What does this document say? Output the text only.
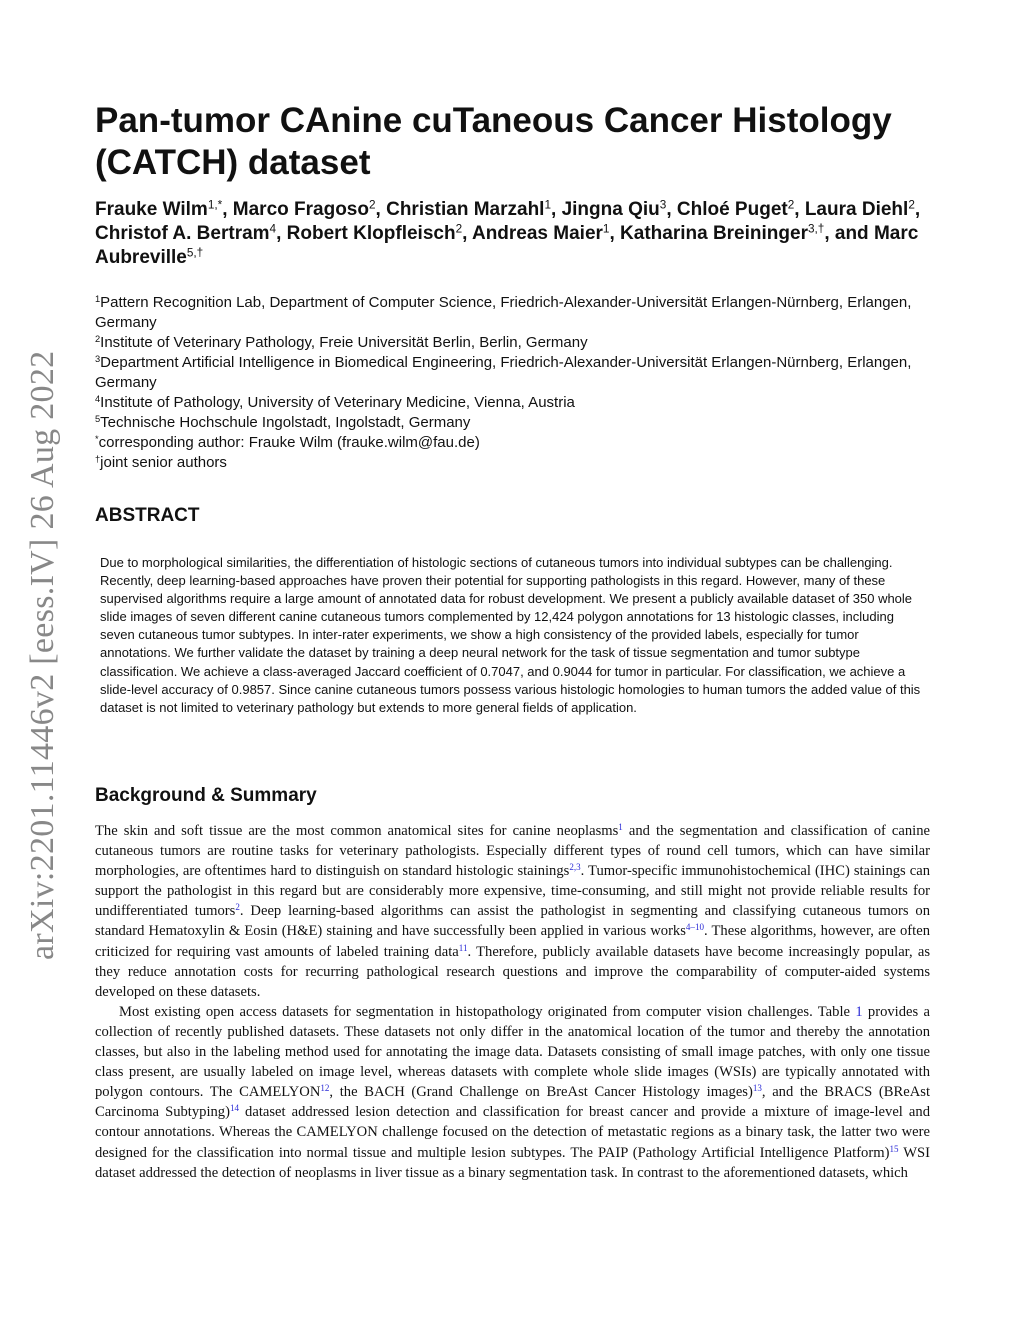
arXiv:2201.11446v2 [eess.IV] 26 Aug 2022
Pan-tumor CAnine cuTaneous Cancer Histology
(CATCH) dataset
Frauke Wilm$^{1,*}$, Marco Fragoso$^2$, Christian Marzahl$^1$, Jingna Qiu$^3$, Chloé Puget$^2$, Laura Diehl$^2$, Christof A. Bertram$^4$, Robert Klopfleisch$^2$, Andreas Maier$^1$, Katharina Breininger$^{3,\dagger}$, and Marc Aubreville$^{5,\dagger}$
$^1$Pattern Recognition Lab, Department of Computer Science, Friedrich-Alexander-Universität Erlangen-Nürnberg, Erlangen, Germany
$^2$Institute of Veterinary Pathology, Freie Universität Berlin, Berlin, Germany
$^3$Department Artificial Intelligence in Biomedical Engineering, Friedrich-Alexander-Universität Erlangen-Nürnberg, Erlangen, Germany
$^4$Institute of Pathology, University of Veterinary Medicine, Vienna, Austria
$^5$Technische Hochschule Ingolstadt, Ingolstadt, Germany
*corresponding author: Frauke Wilm (frauke.wilm@fau.de)
†joint senior authors
ABSTRACT

Due to morphological similarities, the differentiation of histologic sections of cutaneous tumors into individual subtypes can be challenging. Recently, deep learning-based approaches have proven their potential for supporting pathologists in this regard. However, many of these supervised algorithms require a large amount of annotated data for robust development. We present a publicly available dataset of 350 whole slide images of seven different canine cutaneous tumors complemented by 12,424 polygon annotations for 13 histologic classes, including seven cutaneous tumor subtypes. In inter-rater experiments, we show a high consistency of the provided labels, especially for tumor annotations. We further validate the dataset by training a deep neural network for the task of tissue segmentation and tumor subtype classification. We achieve a class-averaged Jaccard coefficient of 0.7047, and 0.9044 for tumor in particular. For classification, we achieve a slide-level accuracy of 0.9857. Since canine cutaneous tumors possess various histologic homologies to human tumors the added value of this dataset is not limited to veterinary pathology but extends to more general fields of application.

Background & Summary

The skin and soft tissue are the most common anatomical sites for canine neoplasms$^1$ and the segmentation and classification of canine cutaneous tumors are routine tasks for veterinary pathologists. Especially different types of round cell tumors, which can have similar morphologies, are oftentimes hard to distinguish on standard histologic stainings$^{2,3}$. Tumor-specific immunohistochemical (IHC) stainings can support the pathologist in this regard but are considerably more expensive, time-consuming, and still might not provide reliable results for undifferentiated tumors$^2$. Deep learning-based algorithms can assist the pathologist in segmenting and classifying cutaneous tumors on standard Hematoxylin & Eosin (H&E) staining and have successfully been applied in various works$^{4-10}$. These algorithms, however, are often criticized for requiring vast amounts of labeled training data$^{11}$. Therefore, publicly available datasets have become increasingly popular, as they reduce annotation costs for recurring pathological research questions and improve the comparability of computer-aided systems developed on these datasets.

Most existing open access datasets for segmentation in histopathology originated from computer vision challenges. Table 1 provides a collection of recently published datasets. These datasets not only differ in the anatomical location of the tumor and thereby the annotation classes, but also in the labeling method used for annotating the image data. Datasets consisting of small image patches, with only one tissue class present, are usually labeled on image level, whereas datasets with complete whole slide images (WSIs) are typically annotated with polygon contours. The CAMELYON$^{12}$, the BACH (Grand Challenge on BreAst Cancer Histology images)$^{13}$, and the BRACS (BReAst Carcinoma Subtyping)$^{14}$ dataset addressed lesion detection and classification for breast cancer and provide a mixture of image-level and contour annotations. Whereas the CAMELYON challenge focused on the detection of metastatic regions as a binary task, the latter two were designed for the classification into normal tissue and multiple lesion subtypes. The PAIP (Pathology Artificial Intelligence Platform)$^{15}$ WSI dataset addressed the detection of neoplasms in liver tissue as a binary segmentation task. In contrast to the aforementioned datasets, which
